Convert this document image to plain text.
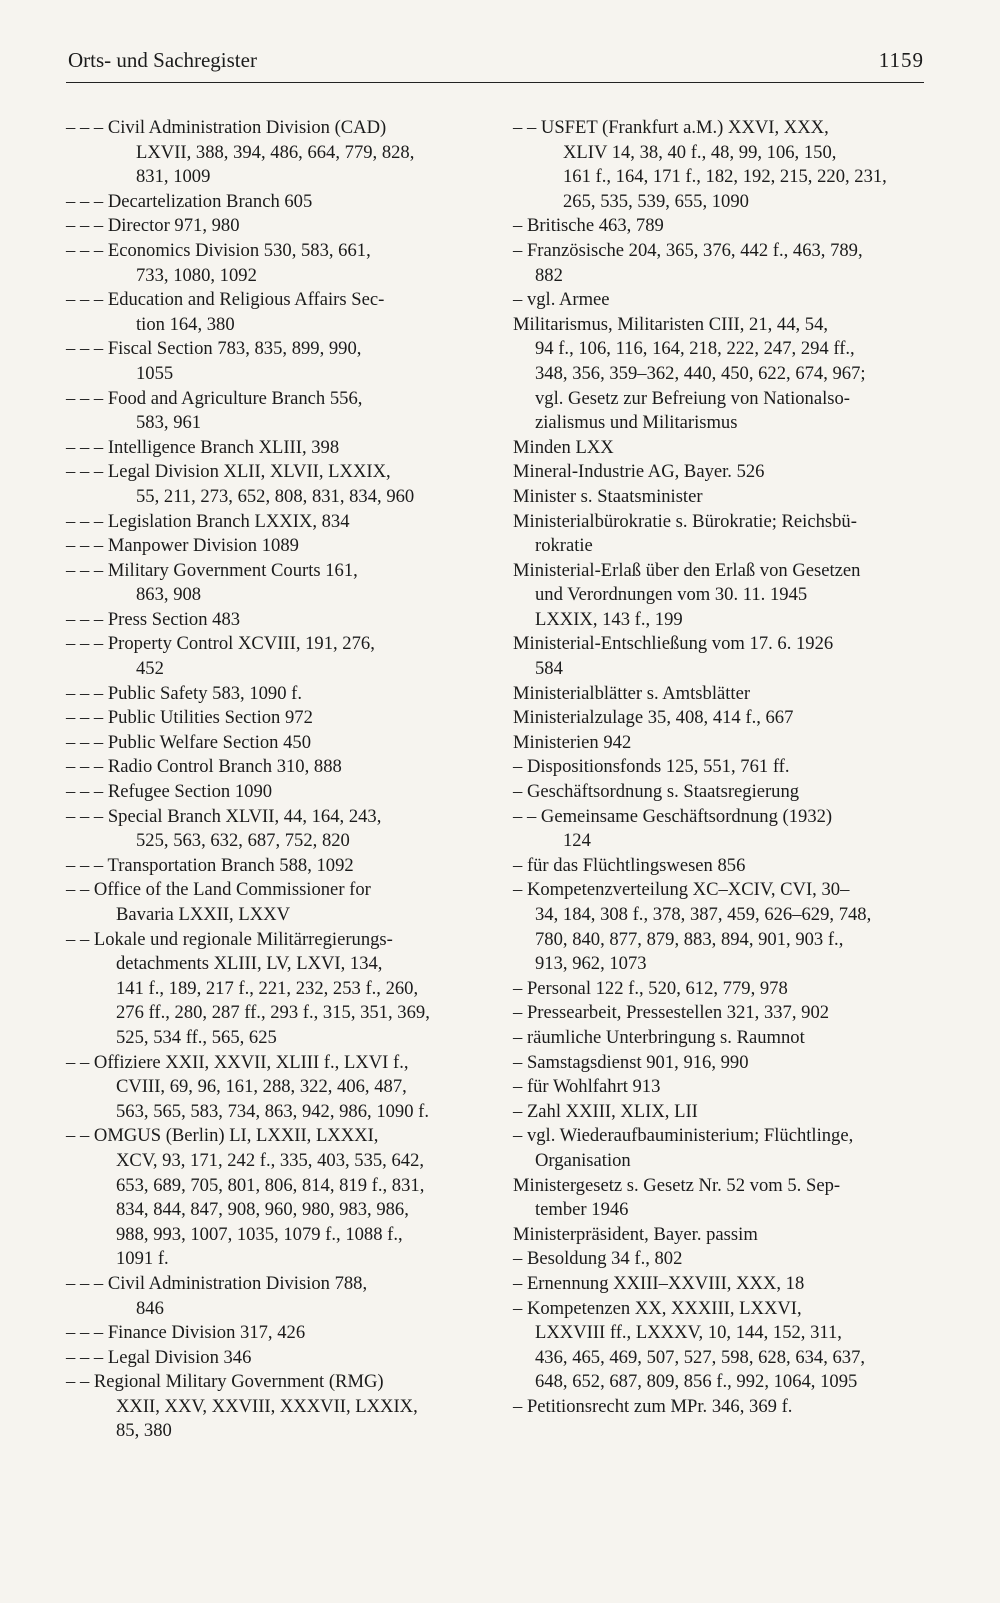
Orts- und Sachregister	1159
– – – Civil Administration Division (CAD)
LXVII, 388, 394, 486, 664, 779, 828,
831, 1009
– – – Decartelization Branch 605
– – – Director 971, 980
– – – Economics Division 530, 583, 661,
733, 1080, 1092
– – – Education and Religious Affairs Sec-
tion 164, 380
– – – Fiscal Section 783, 835, 899, 990,
1055
– – – Food and Agriculture Branch 556,
583, 961
– – – Intelligence Branch XLIII, 398
– – – Legal Division XLII, XLVII, LXXIX,
55, 211, 273, 652, 808, 831, 834, 960
– – – Legislation Branch LXXIX, 834
– – – Manpower Division 1089
– – – Military Government Courts 161,
863, 908
– – – Press Section 483
– – – Property Control XCVIII, 191, 276,
452
– – – Public Safety 583, 1090 f.
– – – Public Utilities Section 972
– – – Public Welfare Section 450
– – – Radio Control Branch 310, 888
– – – Refugee Section 1090
– – – Special Branch XLVII, 44, 164, 243,
525, 563, 632, 687, 752, 820
– – – Transportation Branch 588, 1092
– – Office of the Land Commissioner for
Bavaria LXXII, LXXV
– – Lokale und regionale Militärregierungs-
detachments XLIII, LV, LXVI, 134,
141 f., 189, 217 f., 221, 232, 253 f., 260,
276 ff., 280, 287 ff., 293 f., 315, 351, 369,
525, 534 ff., 565, 625
– – Offiziere XXII, XXVII, XLIII f., LXVI f.,
CVIII, 69, 96, 161, 288, 322, 406, 487,
563, 565, 583, 734, 863, 942, 986, 1090 f.
– – OMGUS (Berlin) LI, LXXII, LXXXI,
XCV, 93, 171, 242 f., 335, 403, 535, 642,
653, 689, 705, 801, 806, 814, 819 f., 831,
834, 844, 847, 908, 960, 980, 983, 986,
988, 993, 1007, 1035, 1079 f., 1088 f.,
1091 f.
– – – Civil Administration Division 788,
846
– – – Finance Division 317, 426
– – – Legal Division 346
– – Regional Military Government (RMG)
XXII, XXV, XXVIII, XXXVII, LXXIX,
85, 380
– – USFET (Frankfurt a.M.) XXVI, XXX,
XLIV 14, 38, 40 f., 48, 99, 106, 150,
161 f., 164, 171 f., 182, 192, 215, 220, 231,
265, 535, 539, 655, 1090
– Britische 463, 789
– Französische 204, 365, 376, 442 f., 463, 789,
882
– vgl. Armee
Militarismus, Militaristen CIII, 21, 44, 54,
94 f., 106, 116, 164, 218, 222, 247, 294 ff.,
348, 356, 359–362, 440, 450, 622, 674, 967;
vgl. Gesetz zur Befreiung von Nationalso-
zialismus und Militarismus
Minden LXX
Mineral-Industrie AG, Bayer. 526
Minister s. Staatsminister
Ministerialbürokratie s. Bürokratie; Reichsbü-
rokratie
Ministerial-Erlaß über den Erlaß von Gesetzen
und Verordnungen vom 30. 11. 1945
LXXIX, 143 f., 199
Ministerial-Entschließung vom 17. 6. 1926
584
Ministerialblätter s. Amtsblätter
Ministerialzulage 35, 408, 414 f., 667
Ministerien 942
– Dispositionsfonds 125, 551, 761 ff.
– Geschäftsordnung s. Staatsregierung
– – Gemeinsame Geschäftsordnung (1932)
124
– für das Flüchtlingswesen 856
– Kompetenzverteilung XC–XCIV, CVI, 30–
34, 184, 308 f., 378, 387, 459, 626–629, 748,
780, 840, 877, 879, 883, 894, 901, 903 f.,
913, 962, 1073
– Personal 122 f., 520, 612, 779, 978
– Pressearbeit, Pressestellen 321, 337, 902
– räumliche Unterbringung s. Raumnot
– Samstagsdienst 901, 916, 990
– für Wohlfahrt 913
– Zahl XXIII, XLIX, LII
– vgl. Wiederaufbauministerium; Flüchtlinge,
Organisation
Ministergesetz s. Gesetz Nr. 52 vom 5. Sep-
tember 1946
Ministerpräsident, Bayer. passim
– Besoldung 34 f., 802
– Ernennung XXIII–XXVIII, XXX, 18
– Kompetenzen XX, XXXIII, LXXVI,
LXXVIII ff., LXXXV, 10, 144, 152, 311,
436, 465, 469, 507, 527, 598, 628, 634, 637,
648, 652, 687, 809, 856 f., 992, 1064, 1095
– Petitionsrecht zum MPr. 346, 369 f.
